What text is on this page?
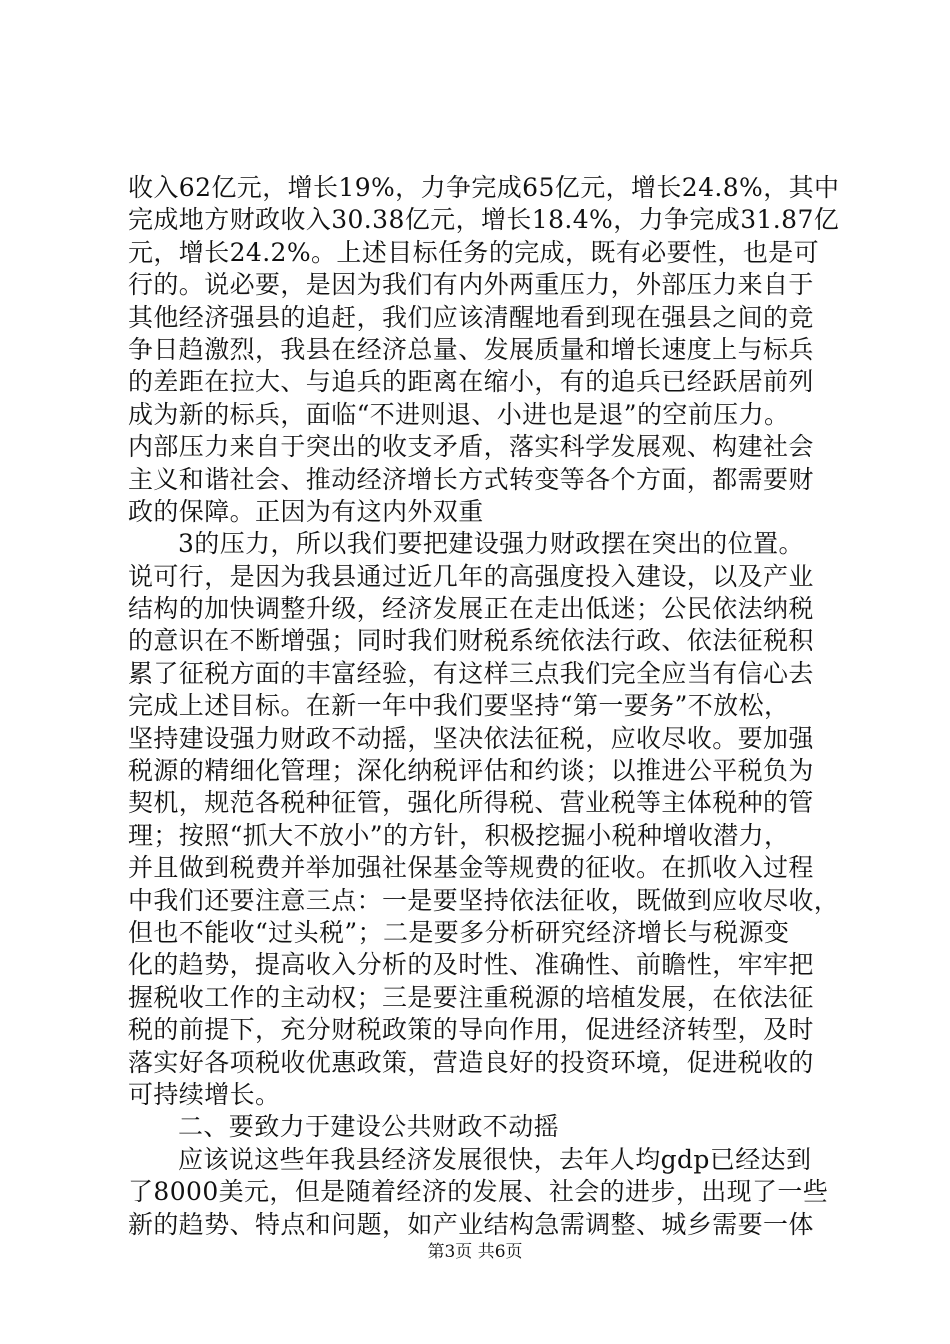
收入62亿元，增长19%，力争完成65亿元，增长24.8%，其中
完成地方财政收入30.38亿元，增长18.4%，力争完成31.87亿
元，增长24.2%。上述目标任务的完成，既有必要性，也是可
行的。说必要，是因为我们有内外两重压力，外部压力来自于
其他经济强县的追赶，我们应该清醒地看到现在强县之间的竞
争日趋激烈，我县在经济总量、发展质量和增长速度上与标兵
的差距在拉大、与追兵的距离在缩小，有的追兵已经跃居前列
成为新的标兵，面临“不进则退、小进也是退”的空前压力。
内部压力来自于突出的收支矛盾，落实科学发展观、构建社会
主义和谐社会、推动经济增长方式转变等各个方面，都需要财
政的保障。正因为有这内外双重
3的压力，所以我们要把建设强力财政摆在突出的位置。
说可行，是因为我县通过近几年的高强度投入建设，以及产业
结构的加快调整升级，经济发展正在走出低迷；公民依法纳税
的意识在不断增强；同时我们财税系统依法行政、依法征税积
累了征税方面的丰富经验，有这样三点我们完全应当有信心去
完成上述目标。在新一年中我们要坚持“第一要务”不放松，
坚持建设强力财政不动摇，坚决依法征税，应收尽收。要加强
税源的精细化管理；深化纳税评估和约谈；以推进公平税负为
契机，规范各税种征管，强化所得税、营业税等主体税种的管
理；按照“抓大不放小”的方针，积极挖掘小税种增收潜力，
并且做到税费并举加强社保基金等规费的征收。在抓收入过程
中我们还要注意三点：一是要坚持依法征收，既做到应收尽收，
但也不能收“过头税”；二是要多分析研究经济增长与税源变
化的趋势，提高收入分析的及时性、准确性、前瞻性，牢牢把
握税收工作的主动权；三是要注重税源的培植发展，在依法征
税的前提下，充分财税政策的导向作用，促进经济转型，及时
落实好各项税收优惠政策，营造良好的投资环境，促进税收的
可持续增长。
二、要致力于建设公共财政不动摇
应该说这些年我县经济发展很快，去年人均gdp已经达到
了8000美元，但是随着经济的发展、社会的进步，出现了一些
新的趋势、特点和问题，如产业结构急需调整、城乡需要一体
第3页 共6页
